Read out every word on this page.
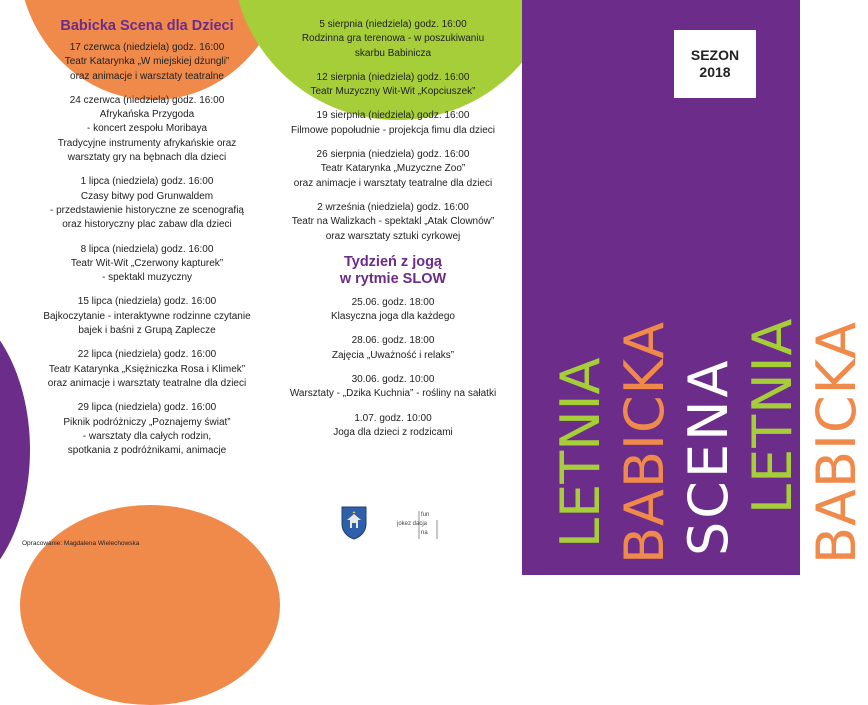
Babicka Scena dla Dzieci
17 czerwca (niedziela) godz. 16:00
Teatr Katarynka „W miejskiej dżungli”
oraz animacje i warsztaty teatralne
24 czerwca (niedziela) godz. 16:00
Afrykańska Przygoda
- koncert zespołu Moribaya
Tradycyjne instrumenty afrykańskie oraz
warsztaty gry na bębnach dla dzieci
1 lipca (niedziela) godz. 16:00
Czasy bitwy pod Grunwaldem
- przedstawienie historyczne ze scenografią
oraz historyczny plac zabaw dla dzieci
8 lipca (niedziela) godz. 16:00
Teatr Wit-Wit „Czerwony kapturek”
- spektakl muzyczny
15 lipca (niedziela) godz. 16:00
Bajkoczytanie - interaktywne rodzinne czytanie
bajek i baśni z Grupą Zaplecze
22 lipca (niedziela) godz. 16:00
Teatr Katarynka „Księżniczka Rosa i Klimek”
oraz animacje i warsztaty teatralne dla dzieci
29 lipca (niedziela) godz. 16:00
Piknik podróżniczy „Poznajemy świat”
- warsztaty dla całych rodzin,
spotkania z podróżnikami, animacje
5 sierpnia (niedziela) godz. 16:00
Rodzinna gra terenowa - w poszukiwaniu
skarbu Babinicza
12 sierpnia (niedziela) godz. 16:00
Teatr Muzyczny Wit-Wit „Kopciuszek”
19 sierpnia (niedziela) godz. 16:00
Filmowe popołudnie - projekcja fimu dla dzieci
26 sierpnia (niedziela) godz. 16:00
Teatr Katarynka „Muzyczne Zoo”
oraz animacje i warsztaty teatralne dla dzieci
2 września (niedziela) godz. 16:00
Teatr na Walizkach - spektakl „Atak Clownów”
oraz warsztaty sztuki cyrkowej
Tydzień z jogą
w rytmie SLOW
25.06. godz. 18:00
Klasyczna joga dla każdego
28.06. godz. 18:00
Zajęcia „Uważność i relaks”
30.06. godz. 10:00
Warsztaty - „Dzika Kuchnia” - rośliny na sałatki
1.07. godz. 10:00
Joga dla dzieci z rodzicami
Opracowanie: Magdalena Wielechowska
fun
jokez dacja
na LETNIA BABICKA SCENA LETNIA BABICKA
SEZON
2018
